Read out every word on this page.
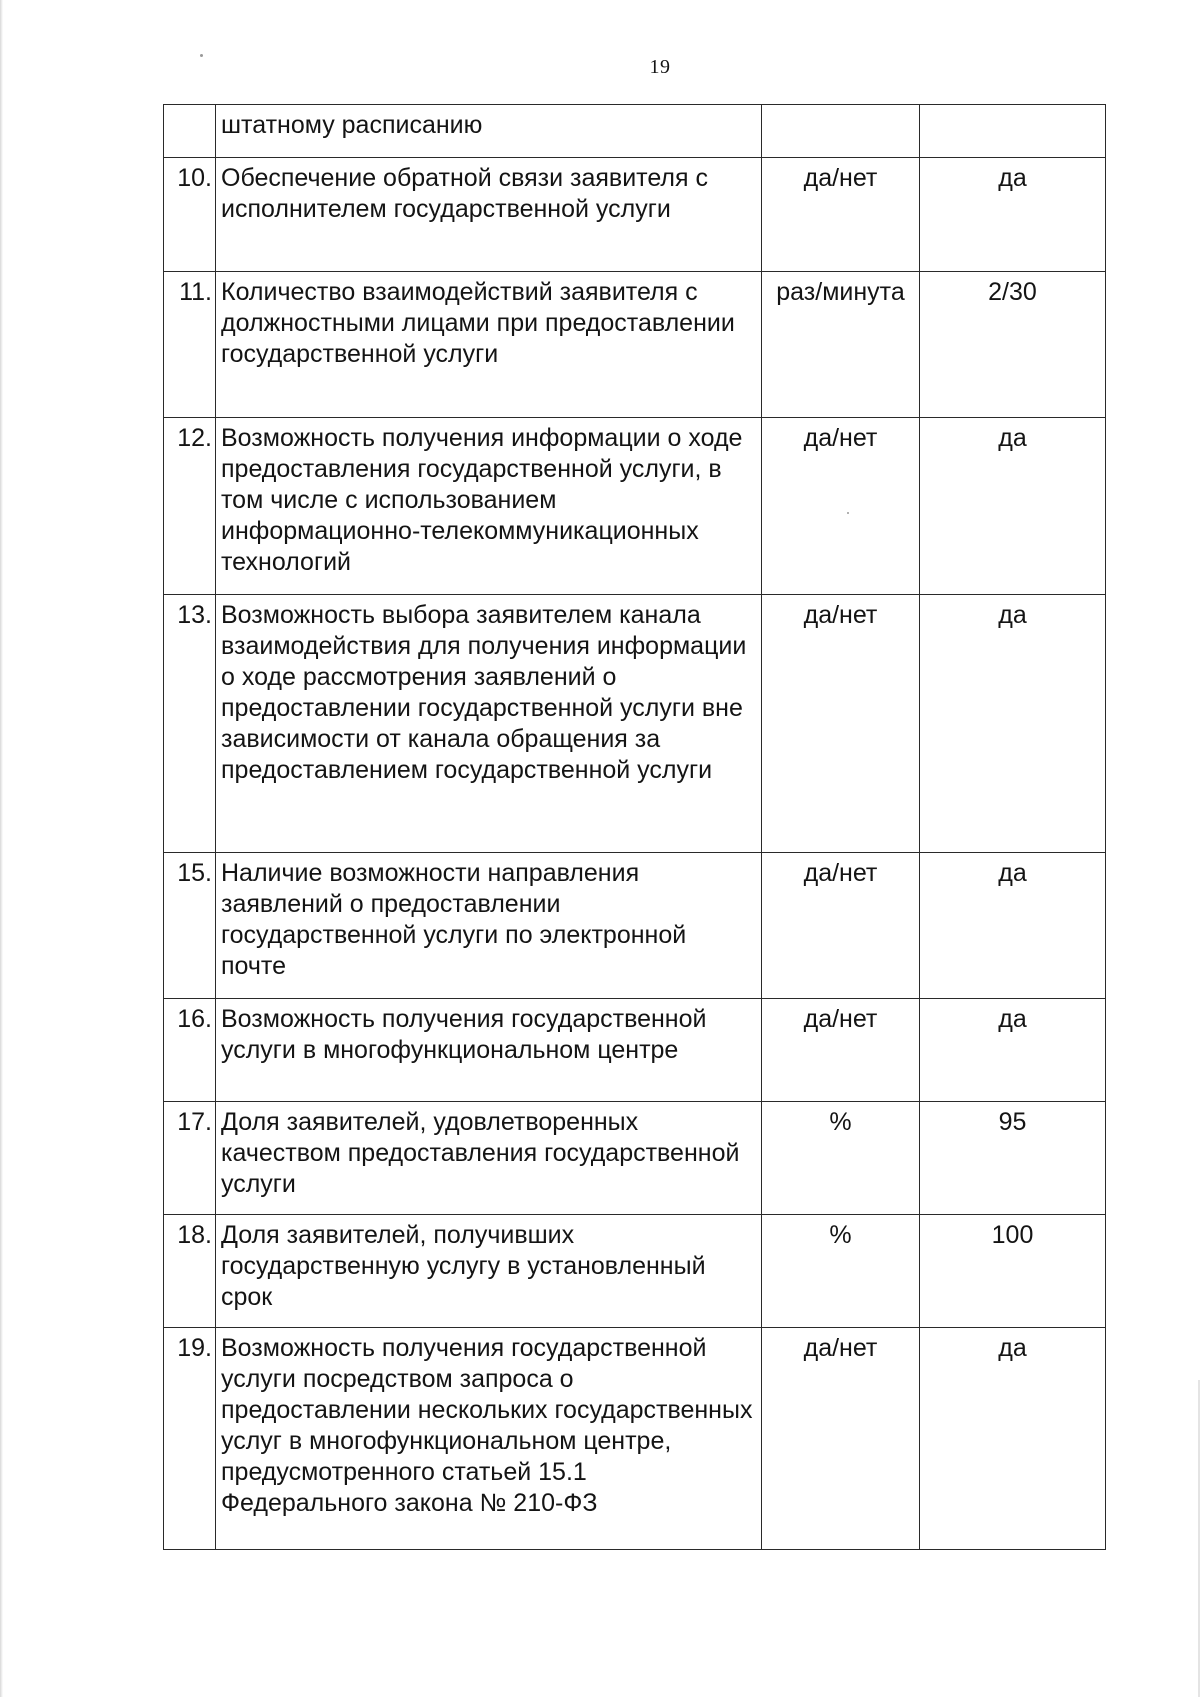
19
	штатному расписанию		
10.	Обеспечение обратной связи заявителя с исполнителем государственной услуги	да/нет	да
11.	Количество взаимодействий заявителя с должностными лицами при предоставлении государственной услуги	раз/минута	2/30
12.	Возможность получения информации о ходе предоставления государственной услуги, в том числе с использованием информационно-телекоммуникационных технологий	да/нет	да
13.	Возможность выбора заявителем канала взаимодействия для получения информации о ходе рассмотрения заявлений о предоставлении государственной услуги вне зависимости от канала обращения за предоставлением государственной услуги	да/нет	да
15.	Наличие возможности направления заявлений о предоставлении государственной услуги по электронной почте	да/нет	да
16.	Возможность получения государственной услуги в многофункциональном центре	да/нет	да
17.	Доля заявителей, удовлетворенных качеством предоставления государственной услуги	%	95
18.	Доля заявителей, получивших государственную услугу в установленный срок	%	100
19.	Возможность получения государственной услуги посредством запроса о предоставлении нескольких государственных услуг в многофункциональном центре, предусмотренного статьей 15.1 Федерального закона № 210-ФЗ	да/нет	да
